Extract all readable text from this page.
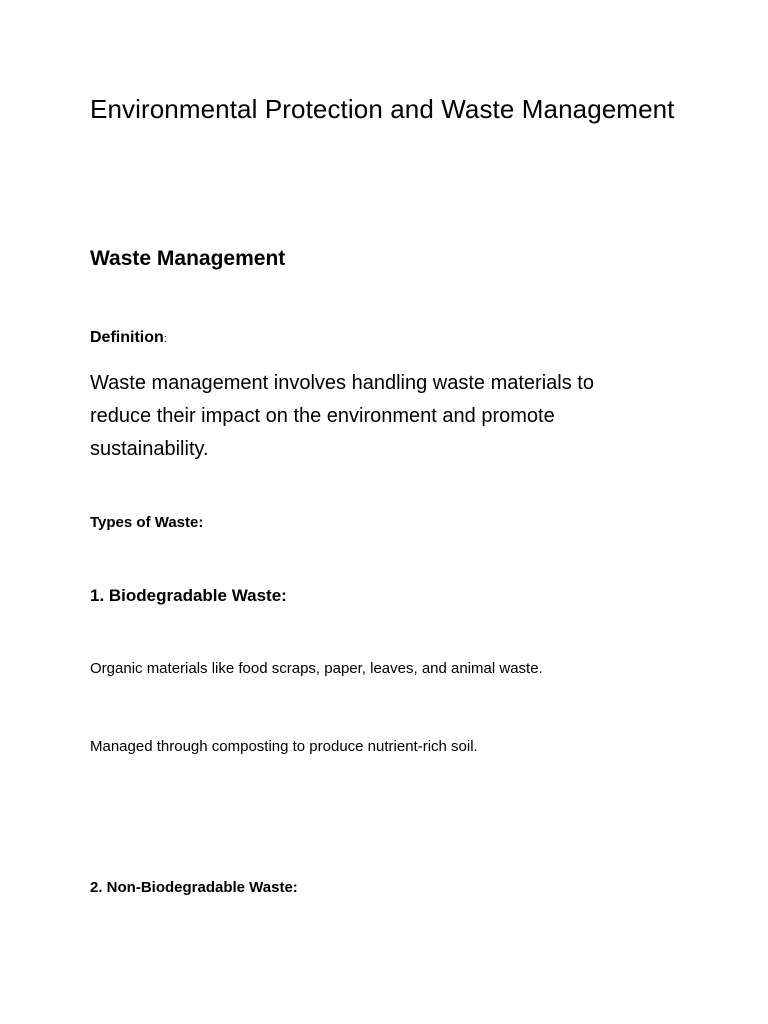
Environmental Protection and Waste Management
Waste Management

Definition:

Waste management involves handling waste materials to reduce their impact on the environment and promote sustainability.

Types of Waste:

1. Biodegradable Waste:

Organic materials like food scraps, paper, leaves, and animal waste.

Managed through composting to produce nutrient-rich soil.

2. Non-Biodegradable Waste:
